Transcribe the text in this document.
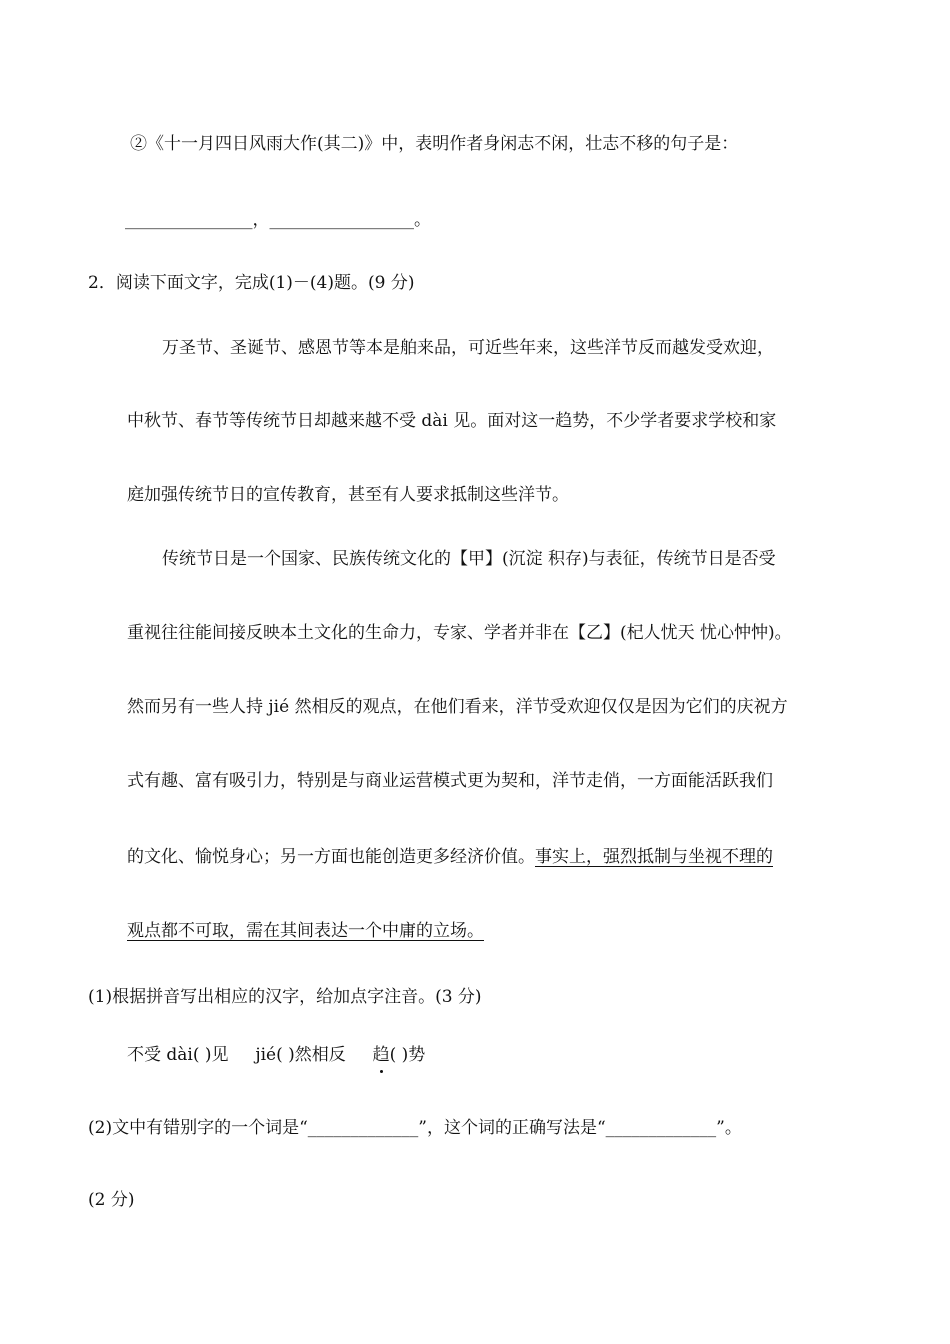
②《十一月四日风雨大作(其二)》中，表明作者身闲志不闲，壮志不移的句子是：
_______________，_________________。
2．阅读下面文字，完成(1)－(4)题。(9 分)
万圣节、圣诞节、感恩节等本是舶来品，可近些年来，这些洋节反而越发受欢迎，
中秋节、春节等传统节日却越来越不受 dài 见。面对这一趋势，不少学者要求学校和家
庭加强传统节日的宣传教育，甚至有人要求抵制这些洋节。
传统节日是一个国家、民族传统文化的【甲】(沉淀 积存)与表征，传统节日是否受
重视往往能间接反映本土文化的生命力，专家、学者并非在【乙】(杞人忧天 忧心忡忡)。
然而另有一些人持 jié 然相反的观点，在他们看来，洋节受欢迎仅仅是因为它们的庆祝方
式有趣、富有吸引力，特别是与商业运营模式更为契和，洋节走俏，一方面能活跃我们
的文化、愉悦身心；另一方面也能创造更多经济价值。事实上，强烈抵制与坐视不理的
观点都不可取，需在其间表达一个中庸的立场。
(1)根据拼音写出相应的汉字，给加点字注音。(3 分)
不受 dài( )见 jié( )然相反 趋( )势
(2)文中有错别字的一个词是“_____________”，这个词的正确写法是“_____________”。
(2 分)
